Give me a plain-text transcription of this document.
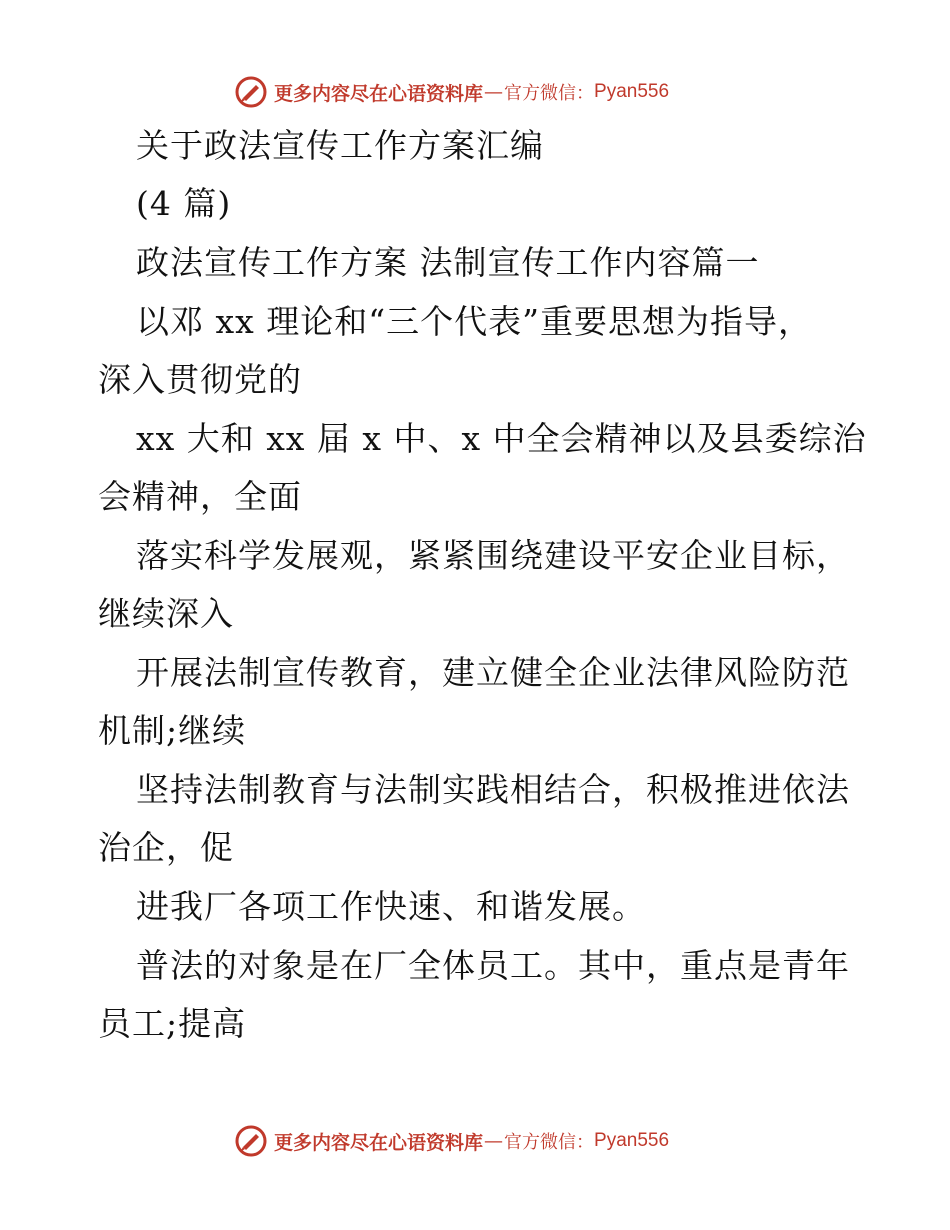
更多内容尽在心语资料库 — 官方微信： Pyan556
关于政法宣传工作方案汇编
(4 篇)
政法宣传工作方案 法制宣传工作内容篇一
以邓 xx 理论和“三个代表”重要思想为指导，
深入贯彻党的
xx 大和 xx 届 x 中、x 中全会精神以及县委综治
会精神，全面
落实科学发展观，紧紧围绕建设平安企业目标，
继续深入
开展法制宣传教育，建立健全企业法律风险防范
机制;继续
坚持法制教育与法制实践相结合，积极推进依法
治企，促
进我厂各项工作快速、和谐发展。
普法的对象是在厂全体员工。其中，重点是青年
员工;提高
更多内容尽在心语资料库 — 官方微信： Pyan556
